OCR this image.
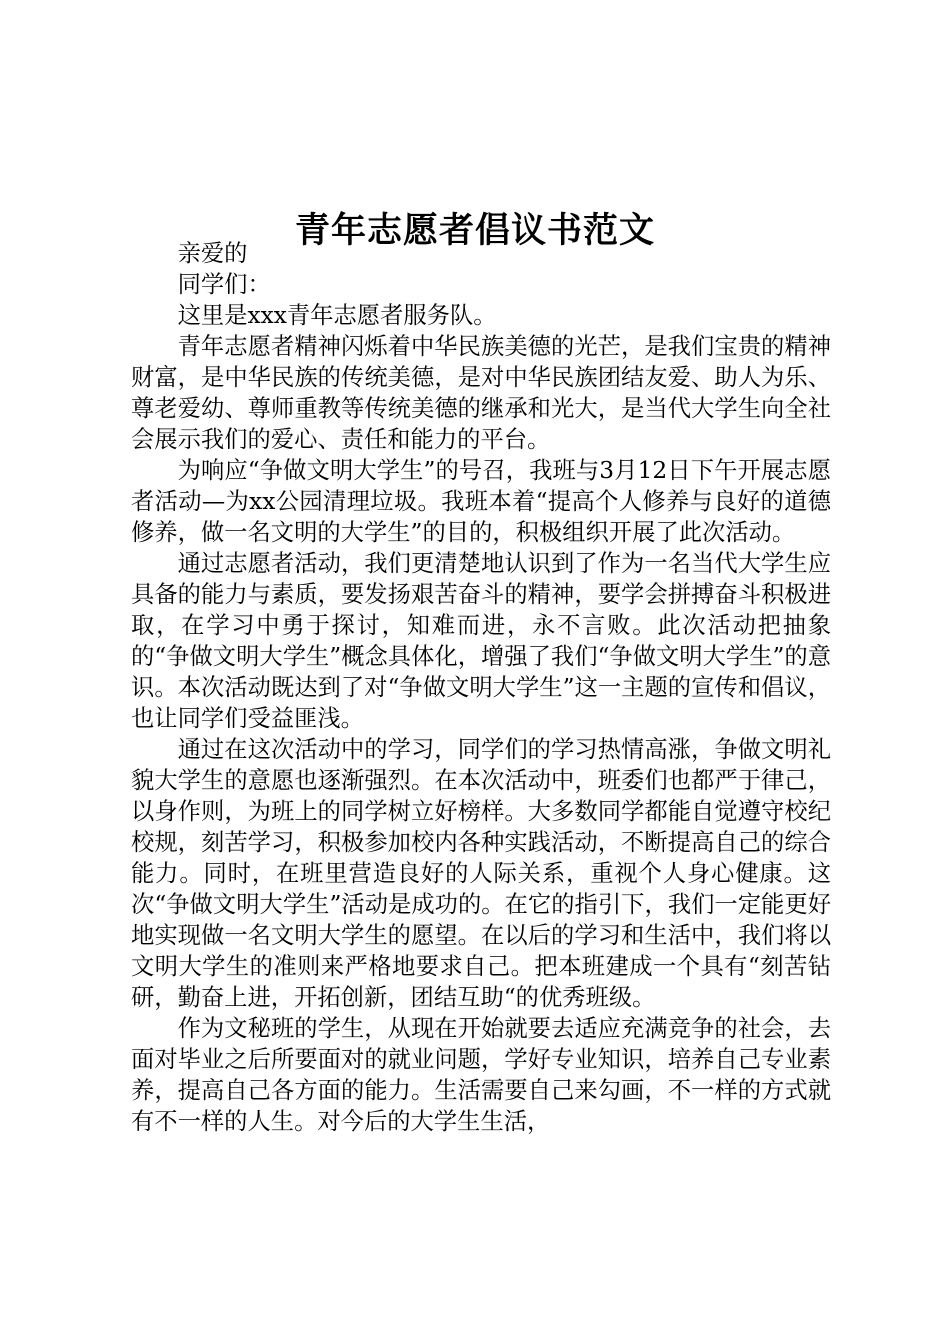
青年志愿者倡议书范文

亲爱的

同学们：

这里是xxx青年志愿者服务队。

青年志愿者精神闪烁着中华民族美德的光芒，是我们宝贵的精神财富，是中华民族的传统美德，是对中华民族团结友爱、助人为乐、尊老爱幼、尊师重教等传统美德的继承和光大，是当代大学生向全社会展示我们的爱心、责任和能力的平台。

为响应“争做文明大学生”的号召，我班与3月12日下午开展志愿者活动—为xx公园清理垃圾。我班本着“提高个人修养与良好的道德修养，做一名文明的大学生”的目的，积极组织开展了此次活动。

通过志愿者活动，我们更清楚地认识到了作为一名当代大学生应具备的能力与素质，要发扬艰苦奋斗的精神，要学会拼搏奋斗积极进取，在学习中勇于探讨，知难而进，永不言败。此次活动把抽象的“争做文明大学生”概念具体化，增强了我们“争做文明大学生”的意识。本次活动既达到了对“争做文明大学生”这一主题的宣传和倡议，也让同学们受益匪浅。

通过在这次活动中的学习，同学们的学习热情高涨，争做文明礼貌大学生的意愿也逐渐强烈。在本次活动中，班委们也都严于律己，以身作则，为班上的同学树立好榜样。大多数同学都能自觉遵守校纪校规，刻苦学习，积极参加校内各种实践活动，不断提高自己的综合能力。同时，在班里营造良好的人际关系，重视个人身心健康。这次“争做文明大学生”活动是成功的。在它的指引下，我们一定能更好地实现做一名文明大学生的愿望。在以后的学习和生活中，我们将以文明大学生的准则来严格地要求自己。把本班建成一个具有“刻苦钻研，勤奋上进，开拓创新，团结互助“的优秀班级。

作为文秘班的学生，从现在开始就要去适应充满竞争的社会，去面对毕业之后所要面对的就业问题，学好专业知识，培养自己专业素养，提高自己各方面的能力。生活需要自己来勾画，不一样的方式就有不一样的人生。对今后的大学生生活，
